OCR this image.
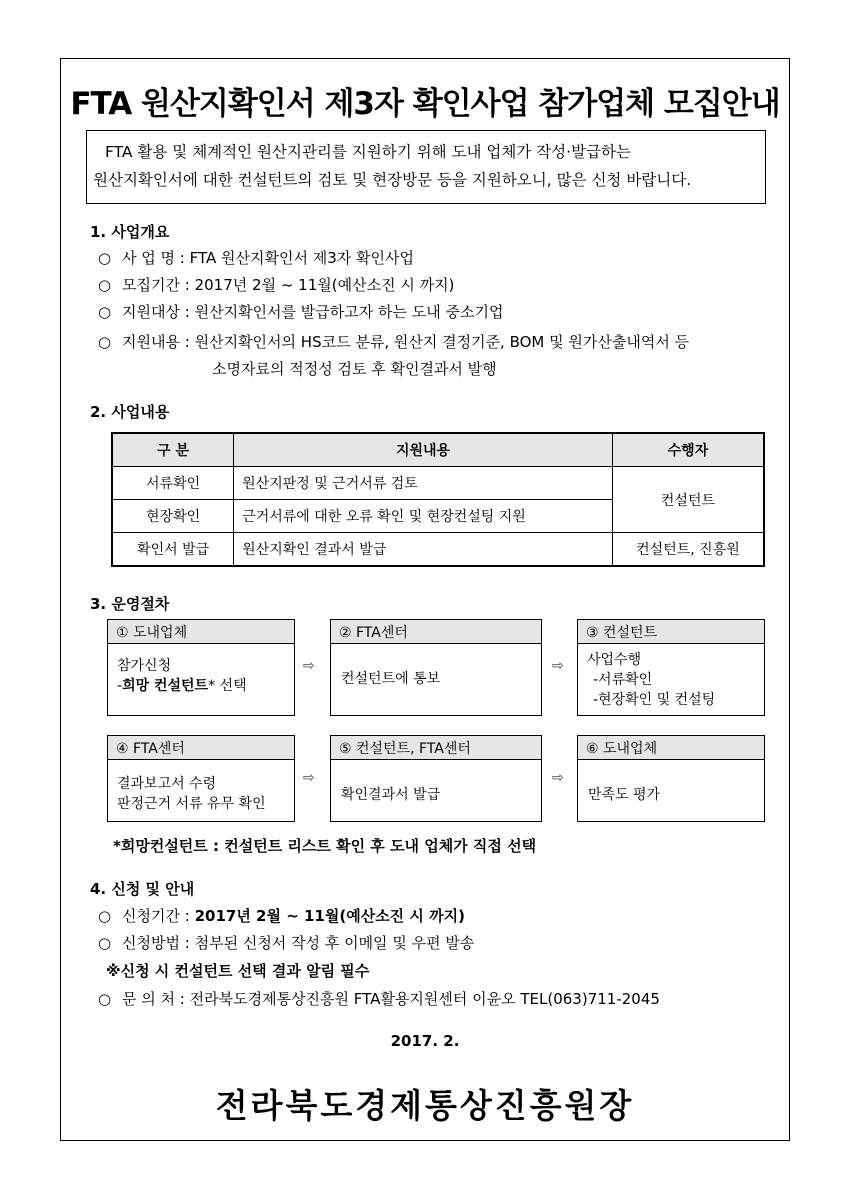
FTA 원산지확인서 제3자 확인사업 참가업체 모집안내

FTA 활용 및 체계적인 원산지관리를 지원하기 위해 도내 업체가 작성·발급하는

원산지확인서에 대한 컨설턴트의 검토 및 현장방문 등을 지원하오니, 많은 신청 바랍니다.

1. 사업개요
○ 사 업 명 : FTA 원산지확인서 제3자 확인사업
○ 모집기간 : 2017년 2월 ~ 11월(예산소진 시 까지)
○ 지원대상 : 원산지확인서를 발급하고자 하는 도내 중소기업
○ 지원내용 : 원산지확인서의 HS코드 분류, 원산지 결정기준, BOM 및 원가산출내역서 등
소명자료의 적정성 검토 후 확인결과서 발행
2. 사업내용
구 분	지원내용	수행자
서류확인	원산지판정 및 근거서류 검토	컨설턴트
현장확인	근거서류에 대한 오류 확인 및 현장컨설팅 지원	
확인서 발급	원산지확인 결과서 발급	컨설턴트, 진흥원
3. 운영절차
① 도내업체
참가신청
-희망 컨설턴트* 선택
⇨
② FTA센터
컨설턴트에 통보
⇨
③ 컨설턴트
사업수행
-서류확인
-현장확인 및 컨설팅
④ FTA센터
결과보고서 수령
판정근거 서류 유무 확인
⇨
⑤ 컨설턴트, FTA센터
확인결과서 발급
⇨
⑥ 도내업체
만족도 평가
*희망컨설턴트 : 컨설턴트 리스트 확인 후 도내 업체가 직접 선택
4. 신청 및 안내
○ 신청기간 : 2017년 2월 ~ 11월(예산소진 시 까지)
○ 신청방법 : 첨부된 신청서 작성 후 이메일 및 우편 발송
※신청 시 컨설턴트 선택 결과 알림 필수
○ 문 의 처 : 전라북도경제통상진흥원 FTA활용지원센터 이윤오 TEL(063)711-2045
2017. 2.
전라북도경제통상진흥원장
